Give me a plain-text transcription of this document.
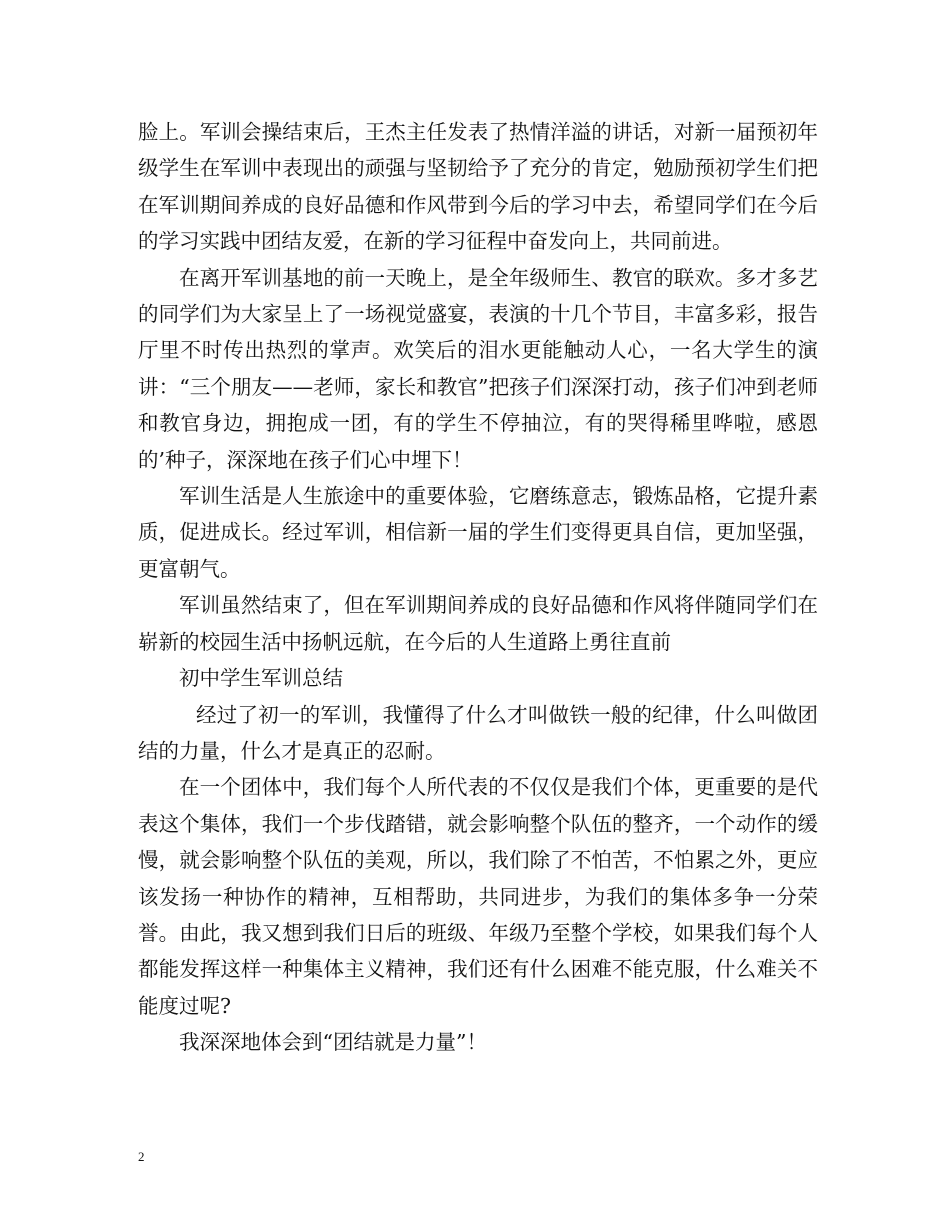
脸上。军训会操结束后，王杰主任发表了热情洋溢的讲话，对新一届预初年级学生在军训中表现出的顽强与坚韧给予了充分的肯定，勉励预初学生们把在军训期间养成的良好品德和作风带到今后的学习中去，希望同学们在今后的学习实践中团结友爱，在新的学习征程中奋发向上，共同前进。

在离开军训基地的前一天晚上，是全年级师生、教官的联欢。多才多艺的同学们为大家呈上了一场视觉盛宴，表演的十几个节目，丰富多彩，报告厅里不时传出热烈的掌声。欢笑后的泪水更能触动人心，一名大学生的演讲：“三个朋友——老师，家长和教官”把孩子们深深打动，孩子们冲到老师和教官身边，拥抱成一团，有的学生不停抽泣，有的哭得稀里哗啦，感恩的’种子，深深地在孩子们心中埋下！

军训生活是人生旅途中的重要体验，它磨练意志，锻炼品格，它提升素质，促进成长。经过军训，相信新一届的学生们变得更具自信，更加坚强，更富朝气。

军训虽然结束了，但在军训期间养成的良好品德和作风将伴随同学们在崭新的校园生活中扬帆远航，在今后的人生道路上勇往直前

初中学生军训总结

经过了初一的军训，我懂得了什么才叫做铁一般的纪律，什么叫做团结的力量，什么才是真正的忍耐。

在一个团体中，我们每个人所代表的不仅仅是我们个体，更重要的是代表这个集体，我们一个步伐踏错，就会影响整个队伍的整齐，一个动作的缓慢，就会影响整个队伍的美观，所以，我们除了不怕苦，不怕累之外，更应该发扬一种协作的精神，互相帮助，共同进步，为我们的集体多争一分荣誉。由此，我又想到我们日后的班级、年级乃至整个学校，如果我们每个人都能发挥这样一种集体主义精神，我们还有什么困难不能克服，什么难关不能度过呢?

我深深地体会到“团结就是力量”！

2
